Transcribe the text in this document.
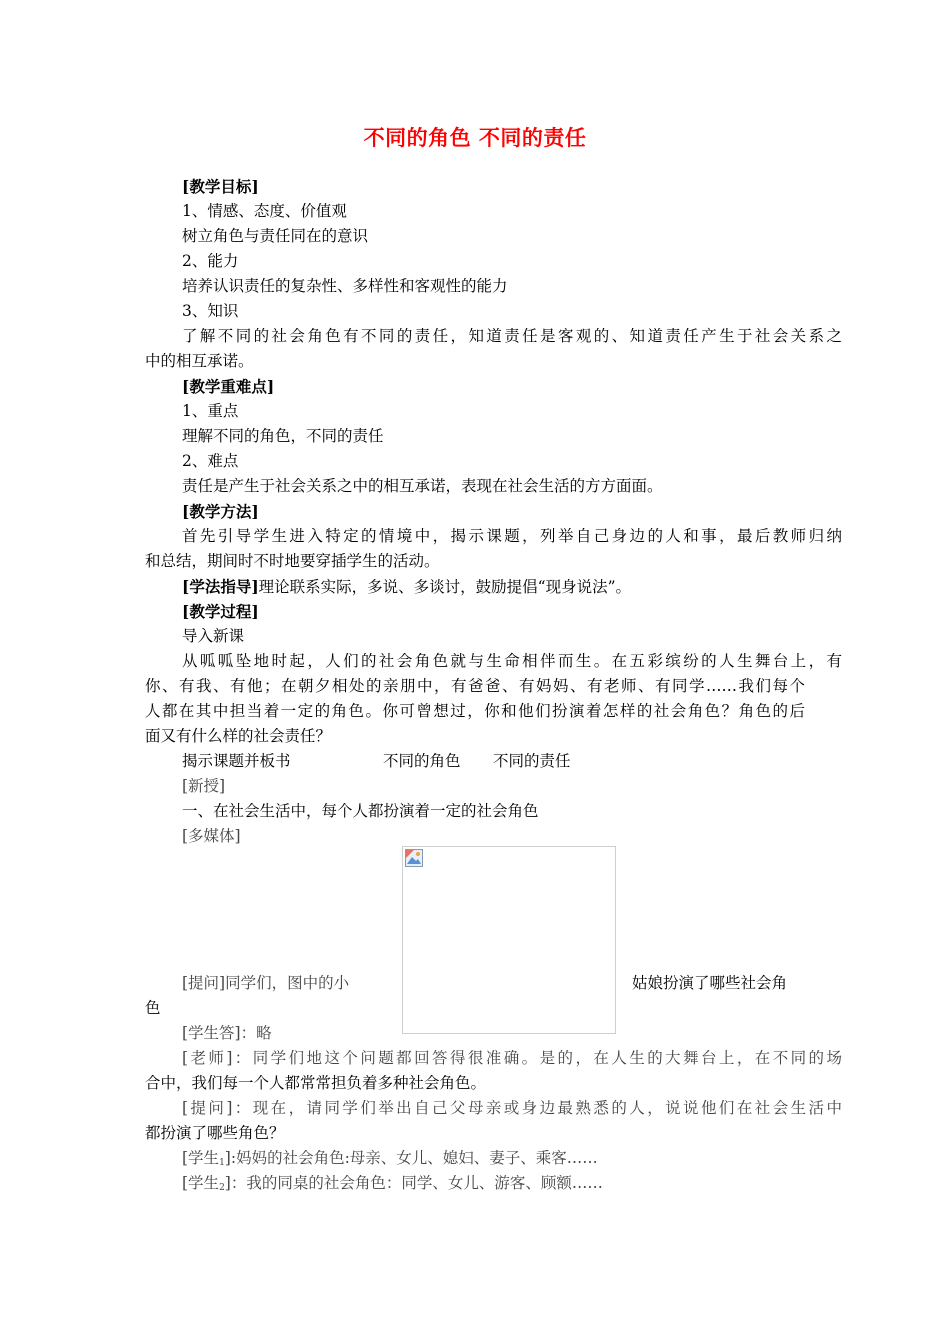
不同的角色 不同的责任
[教学目标]
1、情感、态度、价值观
树立角色与责任同在的意识
2、能力
培养认识责任的复杂性、多样性和客观性的能力
3、知识
了解不同的社会角色有不同的责任，知道责任是客观的、知道责任产生于社会关系之
中的相互承诺。
[教学重难点]
1、重点
理解不同的角色，不同的责任
2、难点
责任是产生于社会关系之中的相互承诺，表现在社会生活的方方面面。
[教学方法]
首先引导学生进入特定的情境中，揭示课题，列举自己身边的人和事，最后教师归纳
和总结，期间时不时地要穿插学生的活动。
[学法指导]理论联系实际，多说、多谈讨，鼓励提倡“现身说法”。
[教学过程]
导入新课
从呱呱坠地时起，人们的社会角色就与生命相伴而生。在五彩缤纷的人生舞台上，有
你、有我、有他；在朝夕相处的亲朋中，有爸爸、有妈妈、有老师、有同学……我们每个
人都在其中担当着一定的角色。你可曾想过，你和他们扮演着怎样的社会角色？角色的后
面又有什么样的社会责任？
揭示课题并板书	不同的角色 不同的责任
[新授]
一、在社会生活中，每个人都扮演着一定的社会角色
[多媒体]
[提问]同学们，图中的小	姑娘扮演了哪些社会角
色
[学生答]：略
[老师]：同学们地这个问题都回答得很准确。是的，在人生的大舞台上，在不同的场
合中，我们每一个人都常常担负着多种社会角色。
[提问]：现在，请同学们举出自己父母亲或身边最熟悉的人，说说他们在社会生活中
都扮演了哪些角色？
[学生$_1$]:妈妈的社会角色:母亲、女儿、媳妇、妻子、乘客……
[学生$_2$]：我的同桌的社会角色：同学、女儿、游客、顾额……
